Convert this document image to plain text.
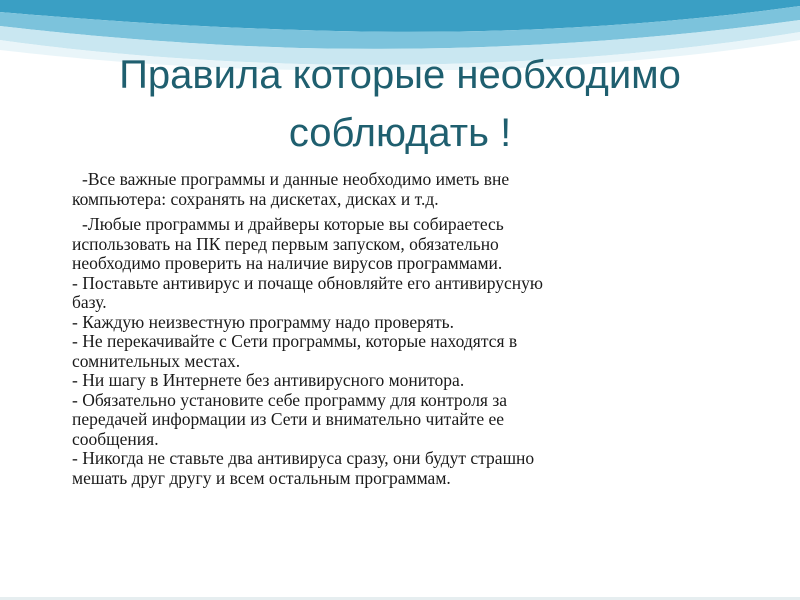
Правила которые необходимо
соблюдать !

-Все важные программы и данные необходимо иметь вне
компьютера: сохранять на дискетах, дисках и т.д.

-Любые программы и драйверы которые вы собираетесь
использовать на ПК перед первым запуском, обязательно
необходимо проверить на наличие вирусов программами.
- Поставьте антивирус и почаще обновляйте его антивирусную
базу.
- Каждую неизвестную программу надо проверять.
- Не перекачивайте с Сети программы, которые находятся в
сомнительных местах.
- Ни шагу в Интернете без антивирусного монитора.
- Обязательно установите себе программу для контроля за
передачей информации из Сети и внимательно читайте ее
сообщения.
- Никогда не ставьте два антивируса сразу, они будут страшно
мешать друг другу и всем остальным программам.
